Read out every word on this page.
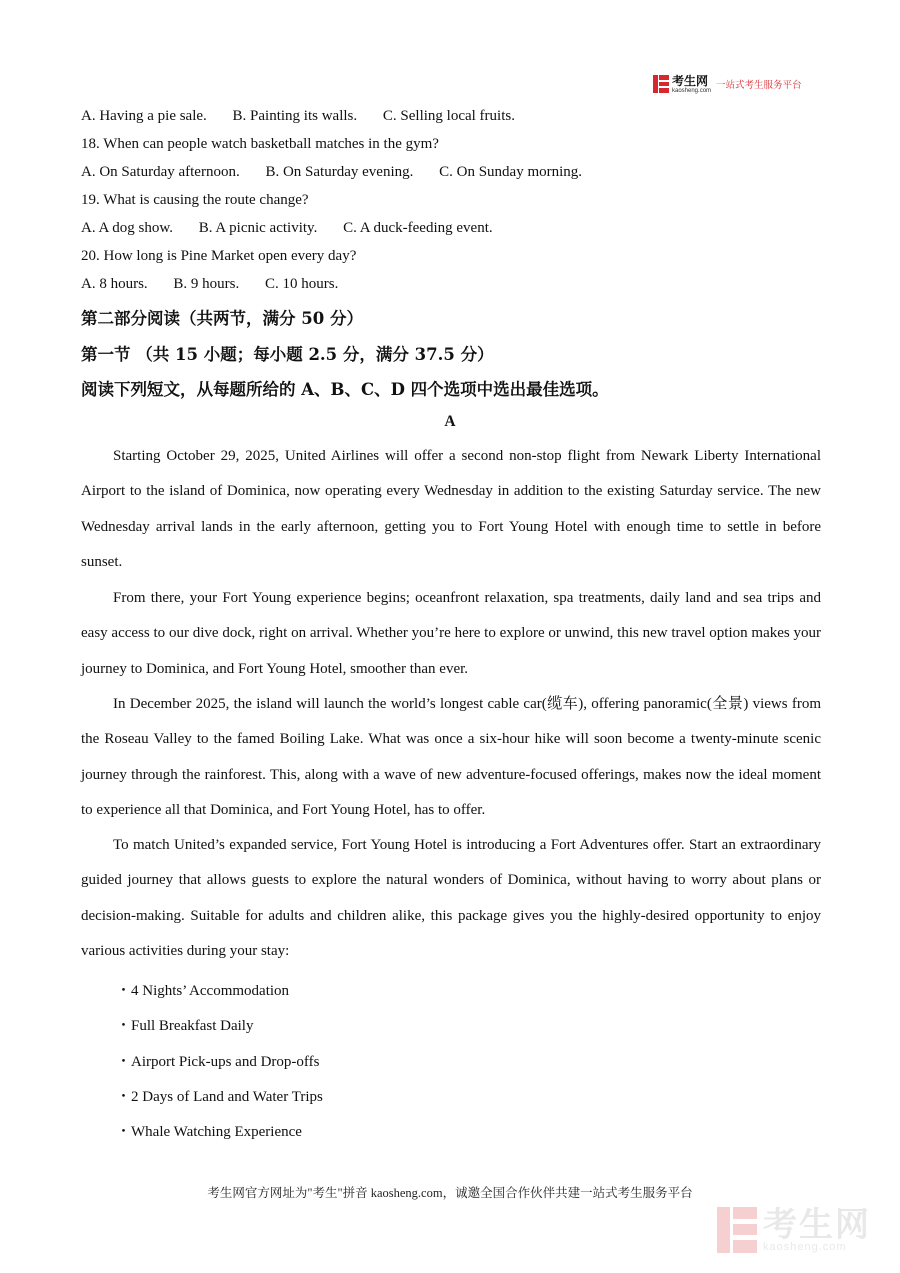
考生网
kaosheng.com 一站式考生服务平台
A. Having a pie sale. B. Painting its walls. C. Selling local fruits.
18. When can people watch basketball matches in the gym?
A. On Saturday afternoon. B. On Saturday evening. C. On Sunday morning.
19. What is causing the route change?
A. A dog show. B. A picnic activity. C. A duck-feeding event.
20. How long is Pine Market open every day?
A. 8 hours. B. 9 hours. C. 10 hours.
第二部分阅读（共两节，满分 50 分）
第一节 （共 15 小题；每小题 2.5 分，满分 37.5 分）
阅读下列短文，从每题所给的 A、B、C、D 四个选项中选出最佳选项。
A
Starting October 29, 2025, United Airlines will offer a second non-stop flight from Newark Liberty International Airport to the island of Dominica, now operating every Wednesday in addition to the existing Saturday service. The new Wednesday arrival lands in the early afternoon, getting you to Fort Young Hotel with enough time to settle in before sunset.
From there, your Fort Young experience begins; oceanfront relaxation, spa treatments, daily land and sea trips and easy access to our dive dock, right on arrival. Whether you’re here to explore or unwind, this new travel option makes your journey to Dominica, and Fort Young Hotel, smoother than ever.
In December 2025, the island will launch the world’s longest cable car(缆车), offering panoramic(全景) views from the Roseau Valley to the famed Boiling Lake. What was once a six-hour hike will soon become a twenty-minute scenic journey through the rainforest. This, along with a wave of new adventure-focused offerings, makes now the ideal moment to experience all that Dominica, and Fort Young Hotel, has to offer.
To match United’s expanded service, Fort Young Hotel is introducing a Fort Adventures offer. Start an extraordinary guided journey that allows guests to explore the natural wonders of Dominica, without having to worry about plans or decision-making. Suitable for adults and children alike, this package gives you the highly-desired opportunity to enjoy various activities during your stay:
・4 Nights’ Accommodation
・Full Breakfast Daily
・Airport Pick-ups and Drop-offs
・2 Days of Land and Water Trips
・Whale Watching Experience
考生网官方网址为"考生"拼音 kaosheng.com，诚邀全国合作伙伴共建一站式考生服务平台
考生网
kaosheng.com
